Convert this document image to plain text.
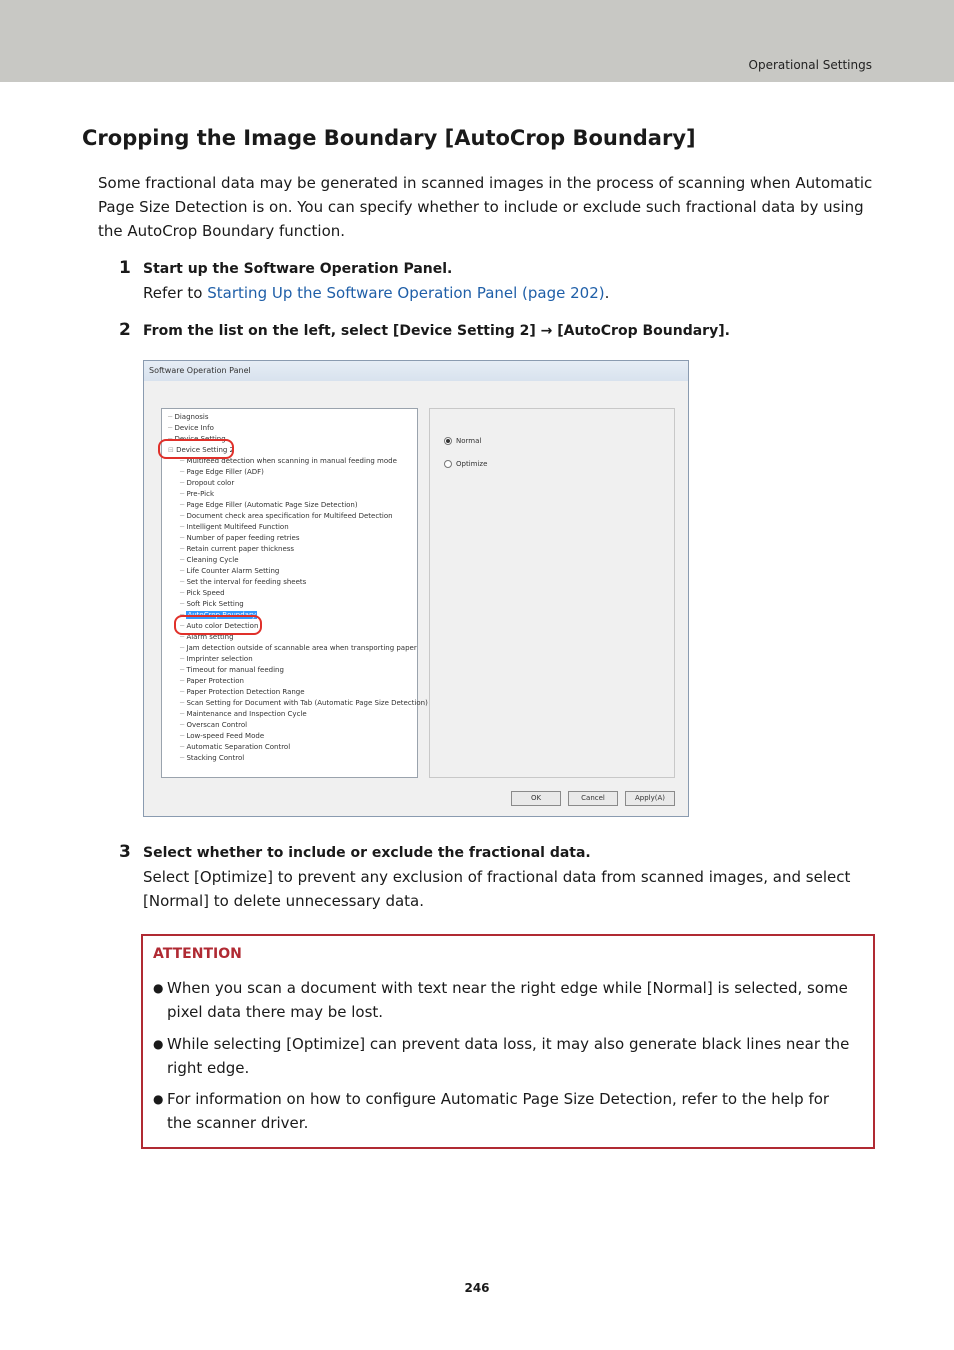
Operational Settings
Cropping the Image Boundary [AutoCrop Boundary]

Some fractional data may be generated in scanned images in the process of scanning when Automatic Page Size Detection is on. You can specify whether to include or exclude such fractional data by using the AutoCrop Boundary function.

1 Start up the Software Operation Panel.
Refer to Starting Up the Software Operation Panel (page 202).
2 From the list on the left, select [Device Setting 2] → [AutoCrop Boundary].
Software Operation Panel
─ Diagnosis
─ Device Info
─ Device Setting
⊟ Device Setting 2
─ Multifeed detection when scanning in manual feeding mode
─ Page Edge Filler (ADF)
─ Dropout color
─ Pre-Pick
─ Page Edge Filler (Automatic Page Size Detection)
─ Document check area specification for Multifeed Detection
─ Intelligent Multifeed Function
─ Number of paper feeding retries
─ Retain current paper thickness
─ Cleaning Cycle
─ Life Counter Alarm Setting
─ Set the interval for feeding sheets
─ Pick Speed
─ Soft Pick Setting
─ AutoCrop Boundary
─ Auto color Detection
─ Alarm setting
─ Jam detection outside of scannable area when transporting paper
─ Imprinter selection
─ Timeout for manual feeding
─ Paper Protection
─ Paper Protection Detection Range
─ Scan Setting for Document with Tab (Automatic Page Size Detection)
─ Maintenance and Inspection Cycle
─ Overscan Control
─ Low-speed Feed Mode
─ Automatic Separation Control
─ Stacking Control
Normal
Optimize
OK	Cancel	Apply(A)
3 Select whether to include or exclude the fractional data.
Select [Optimize] to prevent any exclusion of fractional data from scanned images, and select [Normal] to delete unnecessary data.
ATTENTION
● When you scan a document with text near the right edge while [Normal] is selected, some pixel data there may be lost.
● While selecting [Optimize] can prevent data loss, it may also generate black lines near the right edge.
● For information on how to configure Automatic Page Size Detection, refer to the help for the scanner driver.
246
